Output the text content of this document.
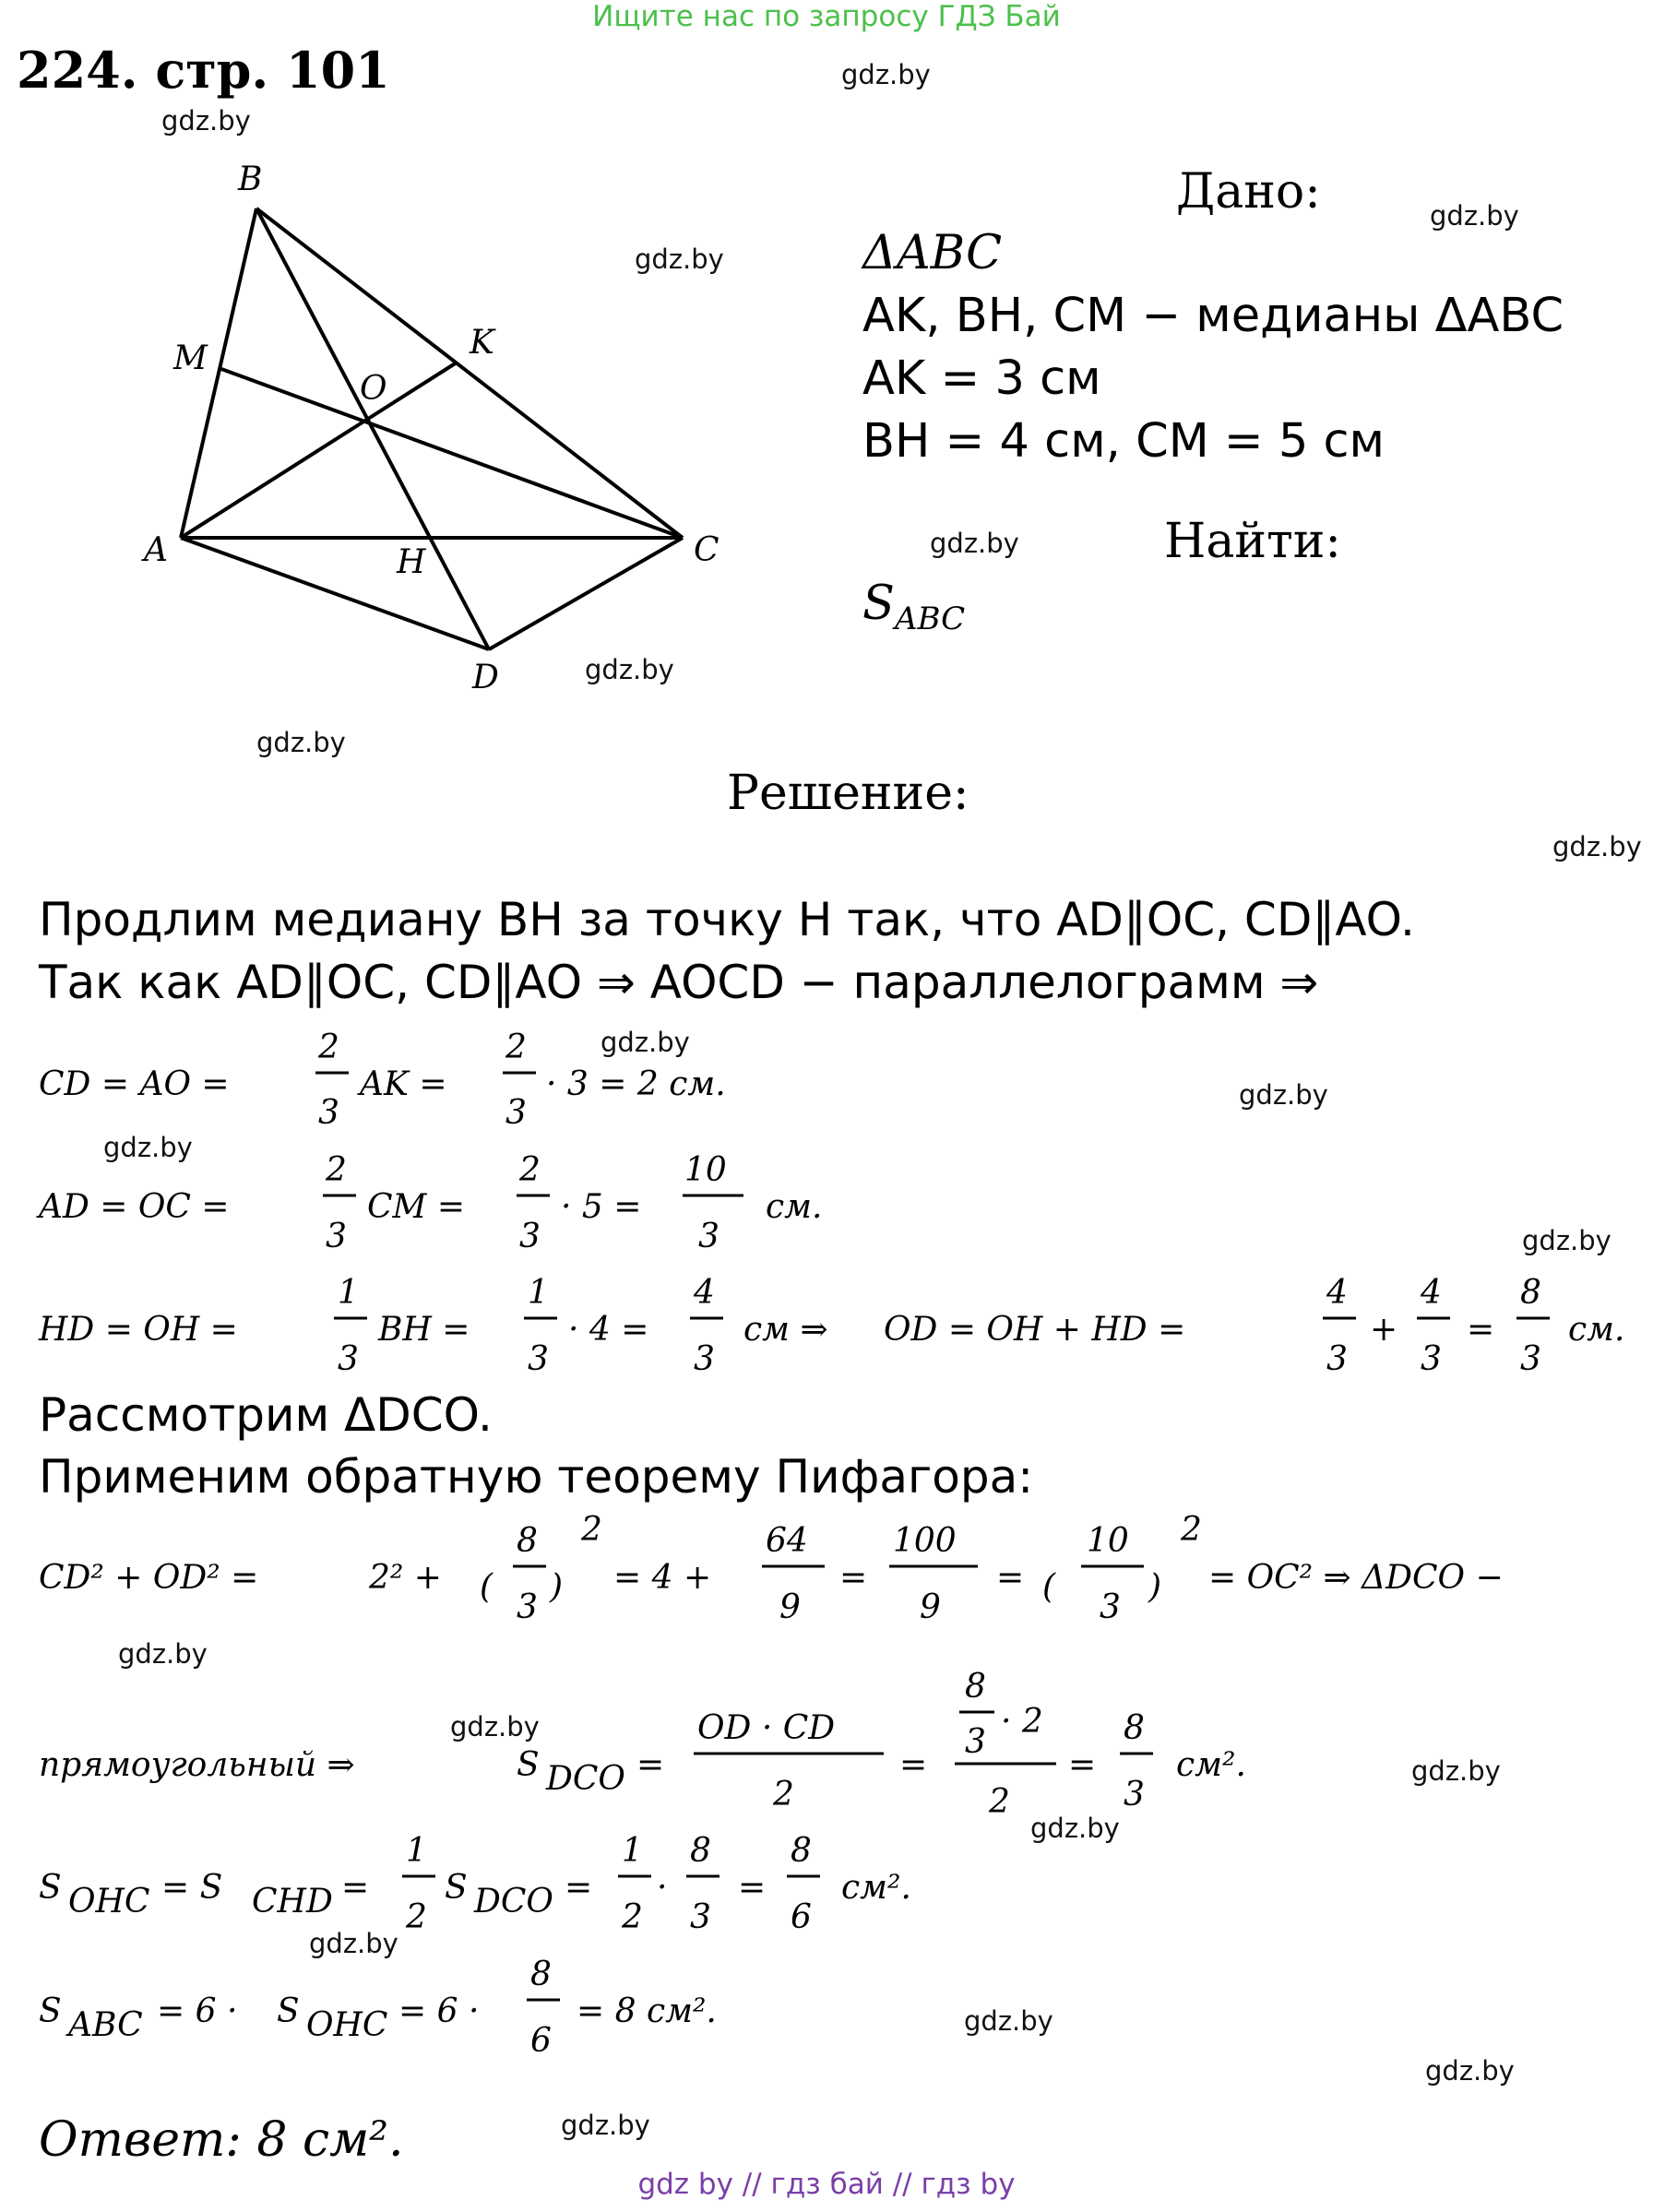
Ищите нас по запросу ГДЗ Бай
224. стр. 101	gdz.by
gdz.by
gdz.by
gdz.by
gdz.by
gdz.by
gdz.by
gdz.by
gdz.by
gdz.by
gdz.by
gdz.by
gdz.by
gdz.by
gdz.by
gdz.by
gdz.by
gdz.by
gdz.by
gdz.by
B
M
O
K
A	H	C
D
Дано:
ΔABC
AK, BH, CM − медианы ΔABC
AK = 3 см
BH = 4 см, CM = 5 см
Найти:
$S_{ABC}$
Решение:
Продлим медиану BH за точку H так, что AD∥OC, CD∥AO.
Так как AD∥OC, CD∥AO ⇒ AOCD − параллелограмм ⇒
CD = AO =
2
3
AK =
2
3
· 3 = 2 см.
AD = OC =
2
3
CM =
2
3
· 5 =
10
3
см.
HD = OH =
1
3
BH =
1
3
· 4 =
4
3
см ⇒ OD = OH + HD =
4
3
+
4
3
=
8
3
см.
Рассмотрим ΔDCO.
Применим обратную теорему Пифагора:
CD² + OD² =	2² + (
8
3
)
2
= 4 +
64
9
=
100
9
= (
10
3
)
2
= OC² ⇒ ΔDCO −
прямоугольный ⇒	S DCO =
OD · CD
2
=
8
3
· 2
2
=
8
3
см².
S OHC = S CHD =
1
2
S DCO =
1
2
·
8
3
=
8
6
см².
S ABC = 6 · S OHC = 6 ·
8
6
= 8 см².
Ответ: 8 см².
gdz by // гдз бай // гдз by
